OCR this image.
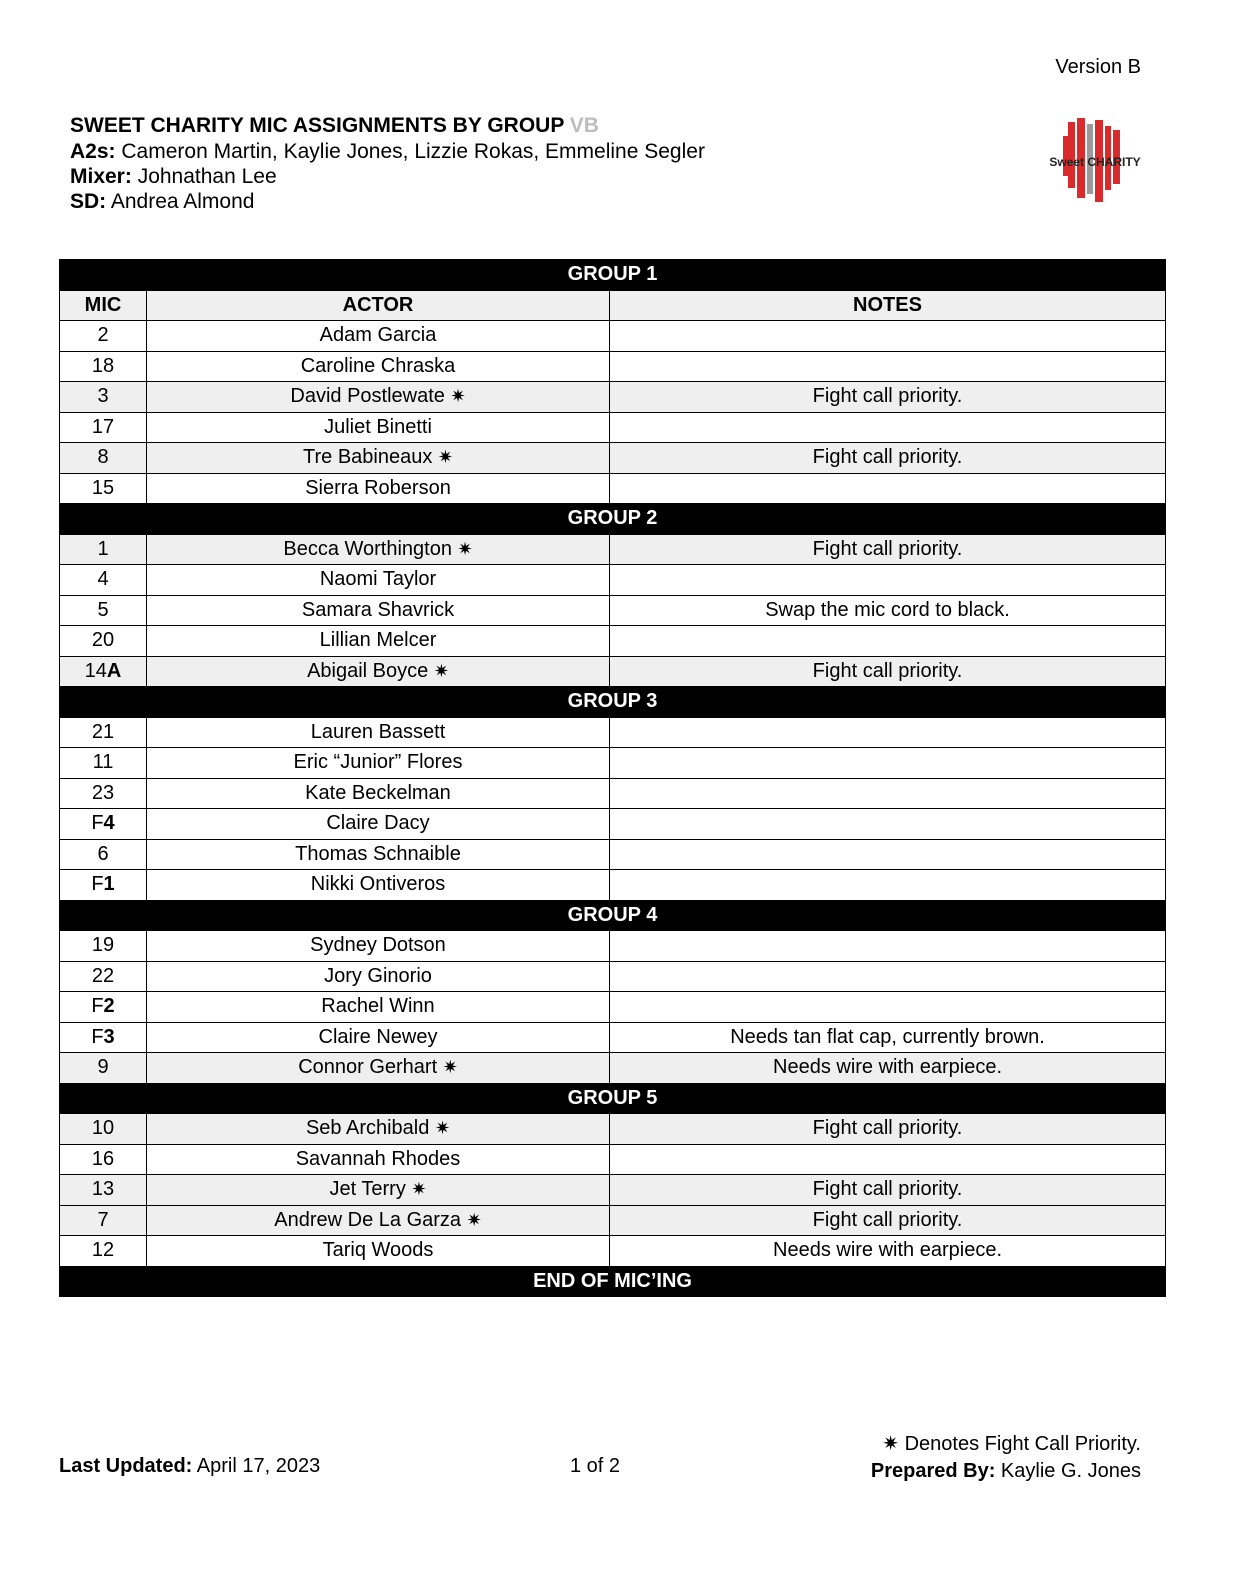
Version B
SWEET CHARITY MIC ASSIGNMENTS BY GROUP VB
A2s: Cameron Martin, Kaylie Jones, Lizzie Rokas, Emmeline Segler
Mixer: Johnathan Lee
SD: Andrea Almond
Sweet CHARITY
GROUP 1		
MIC	ACTOR	NOTES
2	Adam Garcia	
18	Caroline Chraska	
3	David Postlewate ✷	Fight call priority.
17	Juliet Binetti	
8	Tre Babineaux ✷	Fight call priority.
15	Sierra Roberson	
GROUP 2		
1	Becca Worthington ✷	Fight call priority.
4	Naomi Taylor	
5	Samara Shavrick	Swap the mic cord to black.
20	Lillian Melcer	
14A	Abigail Boyce ✷	Fight call priority.
GROUP 3		
21	Lauren Bassett	
11	Eric “Junior” Flores	
23	Kate Beckelman	
F4	Claire Dacy	
6	Thomas Schnaible	
F1	Nikki Ontiveros	
GROUP 4		
19	Sydney Dotson	
22	Jory Ginorio	
F2	Rachel Winn	
F3	Claire Newey	Needs tan flat cap, currently brown.
9	Connor Gerhart ✷	Needs wire with earpiece.
GROUP 5		
10	Seb Archibald ✷	Fight call priority.
16	Savannah Rhodes	
13	Jet Terry ✷	Fight call priority.
7	Andrew De La Garza ✷	Fight call priority.
12	Tariq Woods	Needs wire with earpiece.
END OF MIC’ING		
Last Updated: April 17, 2023	1 of 2
✷ Denotes Fight Call Priority.
Prepared By: Kaylie G. Jones
